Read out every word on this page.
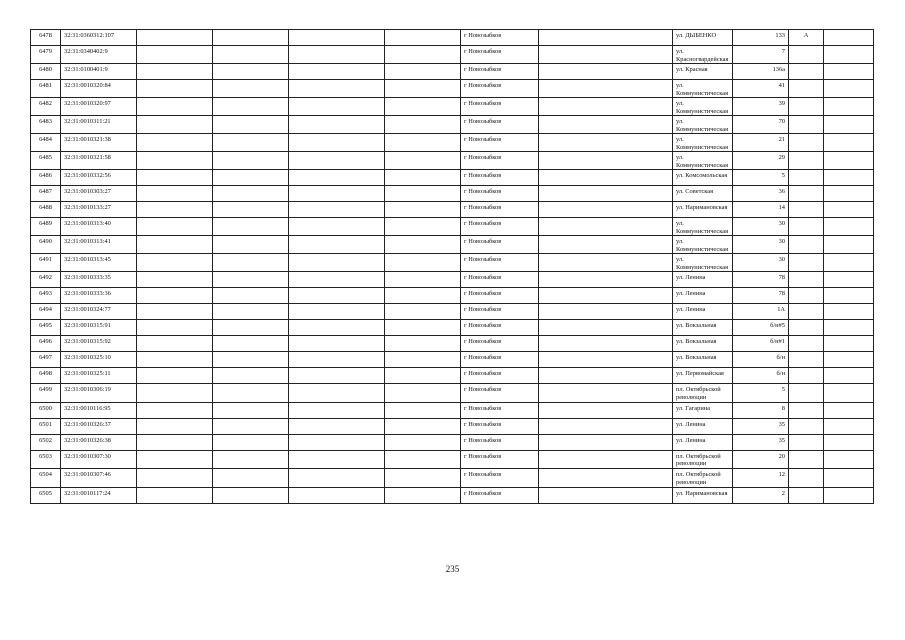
6478	32:31:0360312:107					г Новозыбков		ул. ДЫБЕНКО	133	А	
6479	32:31:0340402:9					г Новозыбков		ул. Красногвардейская	7		
6480	32:31:0100401:9					г Новозыбков		ул. Красная	136а		
6481	32:31:0010320:84					г Новозыбков		ул. Коммунистическая	41		
6482	32:31:0010320:97					г Новозыбков		ул. Коммунистическая	39		
6483	32:31:0010311:21					г Новозыбков		ул. Коммунистическая	70		
6484	32:31:0010321:38					г Новозыбков		ул. Коммунистическая	21		
6485	32:31:0010321:58					г Новозыбков		ул. Коммунистическая	29		
6486	32:31:0010332:56					г Новозыбков		ул. Комсомольская	5		
6487	32:31:0010303:27					г Новозыбков		ул. Советская	36		
6488	32:31:0010133:27					г Новозыбков		ул. Наримановская	14		
6489	32:31:0010313:40					г Новозыбков		ул. Коммунистическая	30		
6490	32:31:0010313:41					г Новозыбков		ул. Коммунистическая	30		
6491	32:31:0010313:45					г Новозыбков		ул. Коммунистическая	30		
6492	32:31:0010333:35					г Новозыбков		ул. Ленина	78		
6493	32:31:0010333:36					г Новозыбков		ул. Ленина	78		
6494	32:31:0010324:77					г Новозыбков		ул. Ленина	1А		
6495	32:31:0010315:91					г Новозыбков		ул. Вокзальная	б/н#5		
6496	32:31:0010315:92					г Новозыбков		ул. Вокзальная	б/н#1		
6497	32:31:0010325:10					г Новозыбков		ул. Вокзальная	б/н		
6498	32:31:0010325:11					г Новозыбков		ул. Первомайская	б/н		
6499	32:31:0010306:19					г Новозыбков		пл. Октябрьской революции	5		
6500	32:31:0010116:95					г Новозыбков		ул. Гагарина	8		
6501	32:31:0010326:37					г Новозыбков		ул. Ленина	35		
6502	32:31:0010326:38					г Новозыбков		ул. Ленина	35		
6503	32:31:0010307:30					г Новозыбков		пл. Октябрьской революции	20		
6504	32:31:0010307:46					г Новозыбков		пл. Октябрьской революции	12		
6505	32:31:0010117:24					г Новозыбков		ул. Наримановская	2		
235
